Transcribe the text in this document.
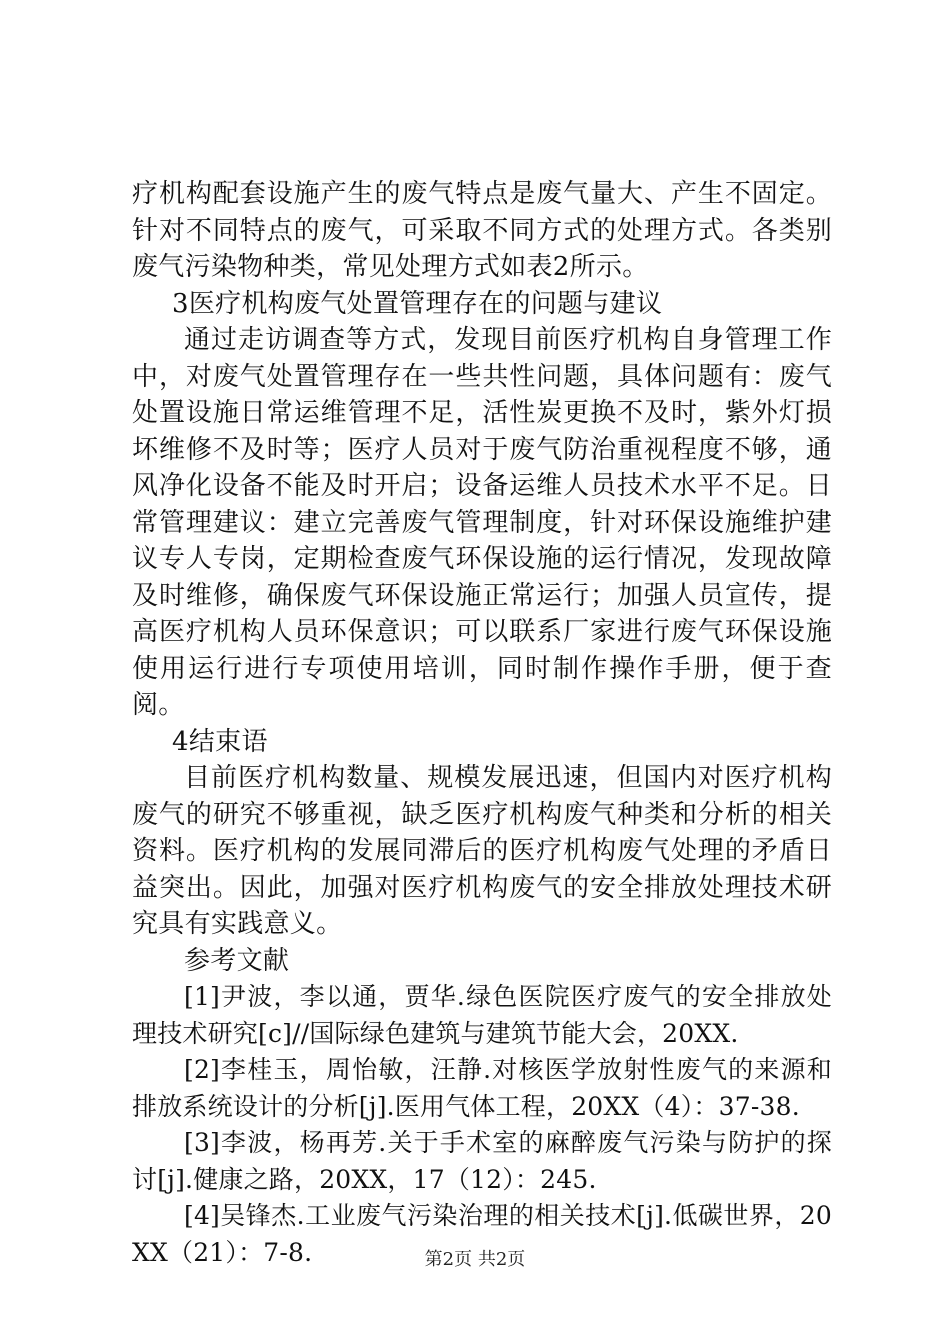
疗机构配套设施产生的废气特点是废气量大、产生不固定。针对不同特点的废气，可采取不同方式的处理方式。各类别废气污染物种类，常见处理方式如表2所示。

3医疗机构废气处置管理存在的问题与建议

通过走访调查等方式，发现目前医疗机构自身管理工作中，对废气处置管理存在一些共性问题，具体问题有：废气处置设施日常运维管理不足，活性炭更换不及时，紫外灯损坏维修不及时等；医疗人员对于废气防治重视程度不够，通风净化设备不能及时开启；设备运维人员技术水平不足。日常管理建议：建立完善废气管理制度，针对环保设施维护建议专人专岗，定期检查废气环保设施的运行情况，发现故障及时维修，确保废气环保设施正常运行；加强人员宣传，提高医疗机构人员环保意识；可以联系厂家进行废气环保设施使用运行进行专项使用培训，同时制作操作手册，便于查阅。

4结束语

目前医疗机构数量、规模发展迅速，但国内对医疗机构废气的研究不够重视，缺乏医疗机构废气种类和分析的相关资料。医疗机构的发展同滞后的医疗机构废气处理的矛盾日益突出。因此，加强对医疗机构废气的安全排放处理技术研究具有实践意义。

参考文献

[1]尹波，李以通，贾华.绿色医院医疗废气的安全排放处理技术研究[c]//国际绿色建筑与建筑节能大会，20XX.

[2]李桂玉，周怡敏，汪静.对核医学放射性废气的来源和排放系统设计的分析[j].医用气体工程，20XX（4）：37-38.

[3]李波，杨再芳.关于手术室的麻醉废气污染与防护的探讨[j].健康之路，20XX，17（12）：245.

[4]吴锋杰.工业废气污染治理的相关技术[j].低碳世界，20XX（21）：7-8.	第2页 共2页
